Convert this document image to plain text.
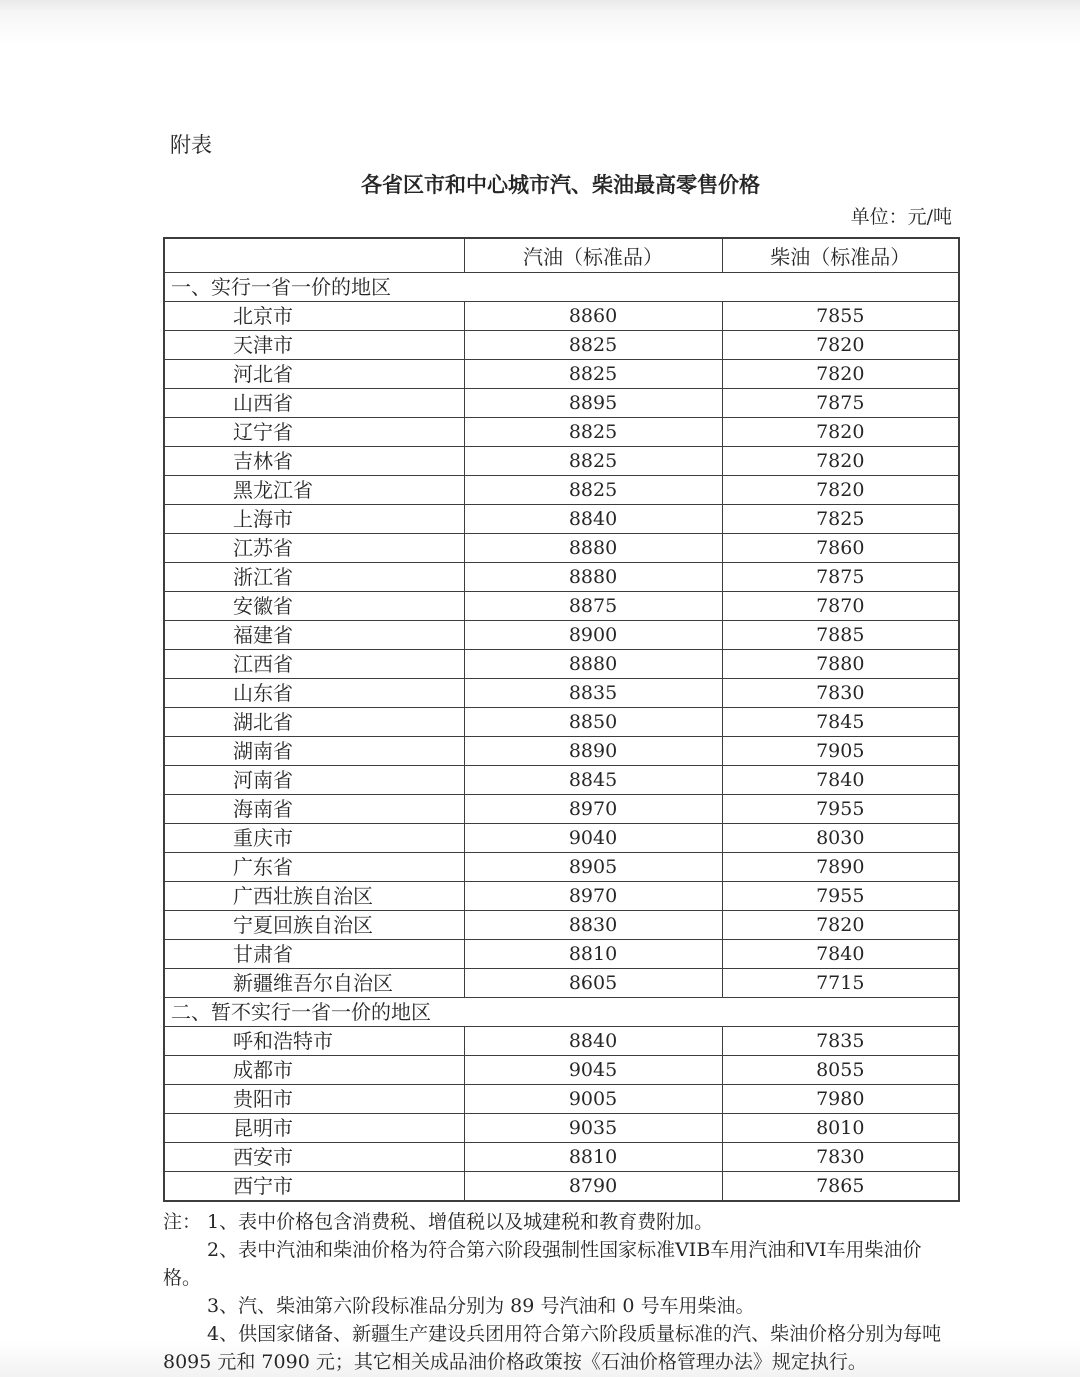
附表
各省区市和中心城市汽、柴油最高零售价格
单位：元/吨
	汽油（标准品）	柴油（标准品）
一、实行一省一价的地区		
北京市	8860	7855
天津市	8825	7820
河北省	8825	7820
山西省	8895	7875
辽宁省	8825	7820
吉林省	8825	7820
黑龙江省	8825	7820
上海市	8840	7825
江苏省	8880	7860
浙江省	8880	7875
安徽省	8875	7870
福建省	8900	7885
江西省	8880	7880
山东省	8835	7830
湖北省	8850	7845
湖南省	8890	7905
河南省	8845	7840
海南省	8970	7955
重庆市	9040	8030
广东省	8905	7890
广西壮族自治区	8970	7955
宁夏回族自治区	8830	7820
甘肃省	8810	7840
新疆维吾尔自治区	8605	7715
二、暂不实行一省一价的地区		
呼和浩特市	8840	7835
成都市	9045	8055
贵阳市	9005	7980
昆明市	9035	8010
西安市	8810	7830
西宁市	8790	7865
注： 1、表中价格包含消费税、增值税以及城建税和教育费附加。
2、表中汽油和柴油价格为符合第六阶段强制性国家标准VIB车用汽油和VI车用柴油价
格。
3、汽、柴油第六阶段标准品分别为 89 号汽油和 0 号车用柴油。
4、供国家储备、新疆生产建设兵团用符合第六阶段质量标准的汽、柴油价格分别为每吨
8095 元和 7090 元；其它相关成品油价格政策按《石油价格管理办法》规定执行。
